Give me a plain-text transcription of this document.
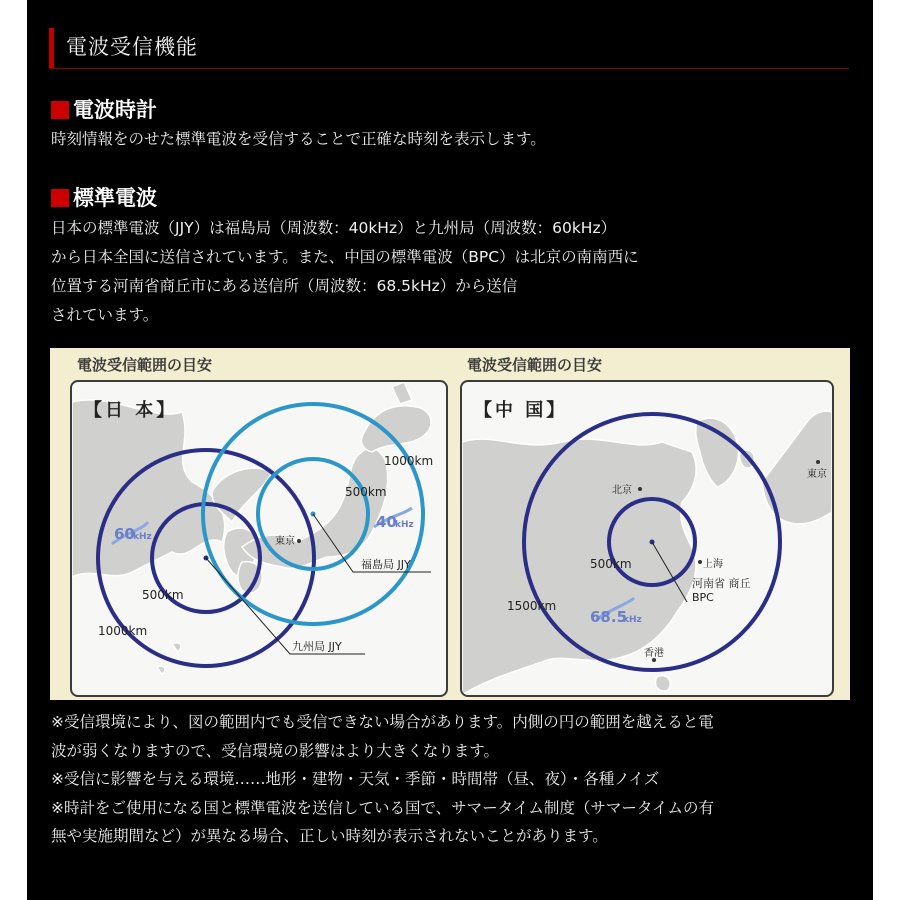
電波受信機能
電波時計
時刻情報をのせた標準電波を受信することで正確な時刻を表示します。
標準電波
日本の標準電波（JJY）は福島局（周波数：40kHz）と九州局（周波数：60kHz）
から日本全国に送信されています。また、中国の標準電波（BPC）は北京の南南西に
位置する河南省商丘市にある送信所（周波数：68.5kHz）から送信
されています。
電波受信範囲の目安
1000km
500km
500km
1000km
東京
60
kHz
40
kHz
福島局 JJY
九州局 JJY
【日 本】
電波受信範囲の目安
北京
東京
上海
500km
1500km
河南省 商丘
BPC
68.5
kHz
香港
【中 国】
※受信環境により、図の範囲内でも受信できない場合があります。内側の円の範囲を越えると電
波が弱くなりますので、受信環境の影響はより大きくなります。
※受信に影響を与える環境……地形・建物・天気・季節・時間帯（昼、夜）・各種ノイズ
※時計をご使用になる国と標準電波を送信している国で、サマータイム制度（サマータイムの有
無や実施期間など）が異なる場合、正しい時刻が表示されないことがあります。
